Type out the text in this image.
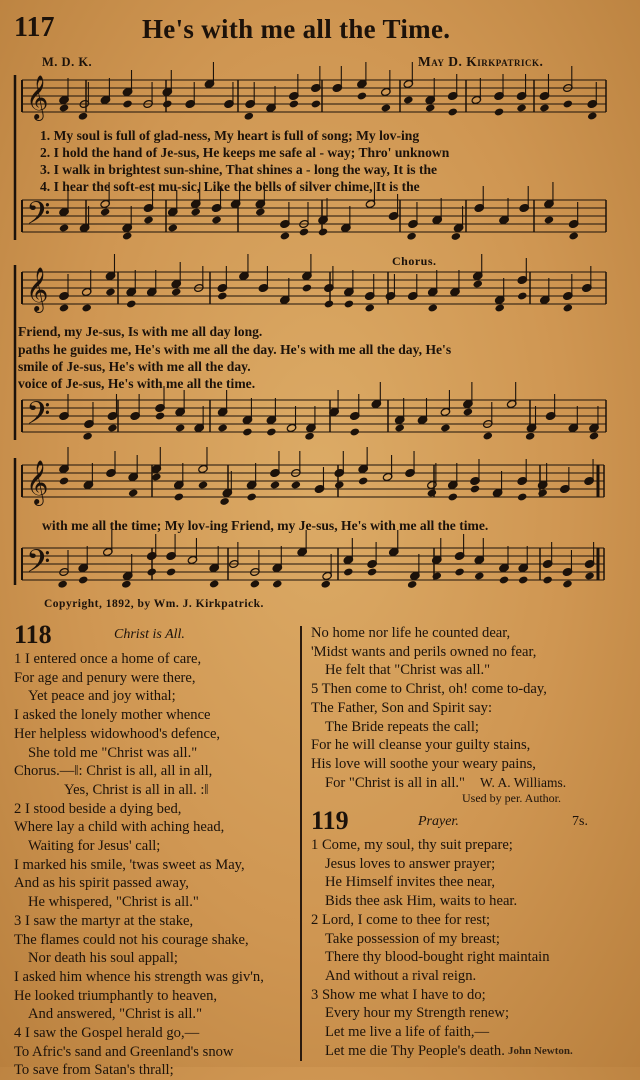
117	He's with me all the Time.
M. D. K.	May D. Kirkpatrick.
𝄞
𝄢
𝄞
𝄢
𝄞
𝄢
1. My soul is full of glad-ness, My heart is full of song; My lov-ing
2. I hold the hand of Je-sus, He keeps me safe al - way; Thro' unknown
3. I walk in brightest sun-shine, That shines a - long the way, It is the
4. I hear the soft-est mu-sic, Like the bells of silver chime, It is the
Chorus.
Friend, my Je-sus, Is with me all day long.
paths he guides me, He's with me all the day. He's with me all the day, He's
smile of Je-sus, He's with me all the day.
voice of Je-sus, He's with me all the time.
with me all the time; My lov-ing Friend, my Je-sus, He's with me all the time.
Copyright, 1892, by Wm. J. Kirkpatrick.
118	Christ is All.
1 I entered once a home of care,
For age and penury were there,
Yet peace and joy withal;
I asked the lonely mother whence
Her helpless widowhood's defence,
She told me "Christ was all."
Chorus.—‖: Christ is all, all in all,
Yes, Christ is all in all. :‖
2 I stood beside a dying bed,
Where lay a child with aching head,
Waiting for Jesus' call;
I marked his smile, 'twas sweet as May,
And as his spirit passed away,
He whispered, "Christ is all."
3 I saw the martyr at the stake,
The flames could not his courage shake,
Nor death his soul appall;
I asked him whence his strength was giv'n,
He looked triumphantly to heaven,
And answered, "Christ is all."
4 I saw the Gospel herald go,—
To Afric's sand and Greenland's snow
To save from Satan's thrall;
No home nor life he counted dear,
'Midst wants and perils owned no fear,
He felt that "Christ was all."
5 Then come to Christ, oh! come to-day,
The Father, Son and Spirit say:
The Bride repeats the call;
For he will cleanse your guilty stains,
His love will soothe your weary pains,
For "Christ is all in all."	W. A. Williams.
Used by per. Author.
119	Prayer.	7s.
1 Come, my soul, thy suit prepare;
Jesus loves to answer prayer;
He Himself invites thee near,
Bids thee ask Him, waits to hear.
2 Lord, I come to thee for rest;
Take possession of my breast;
There thy blood-bought right maintain
And without a rival reign.
3 Show me what I have to do;
Every hour my Strength renew;
Let me live a life of faith,—
Let me die Thy People's death. John Newton.
